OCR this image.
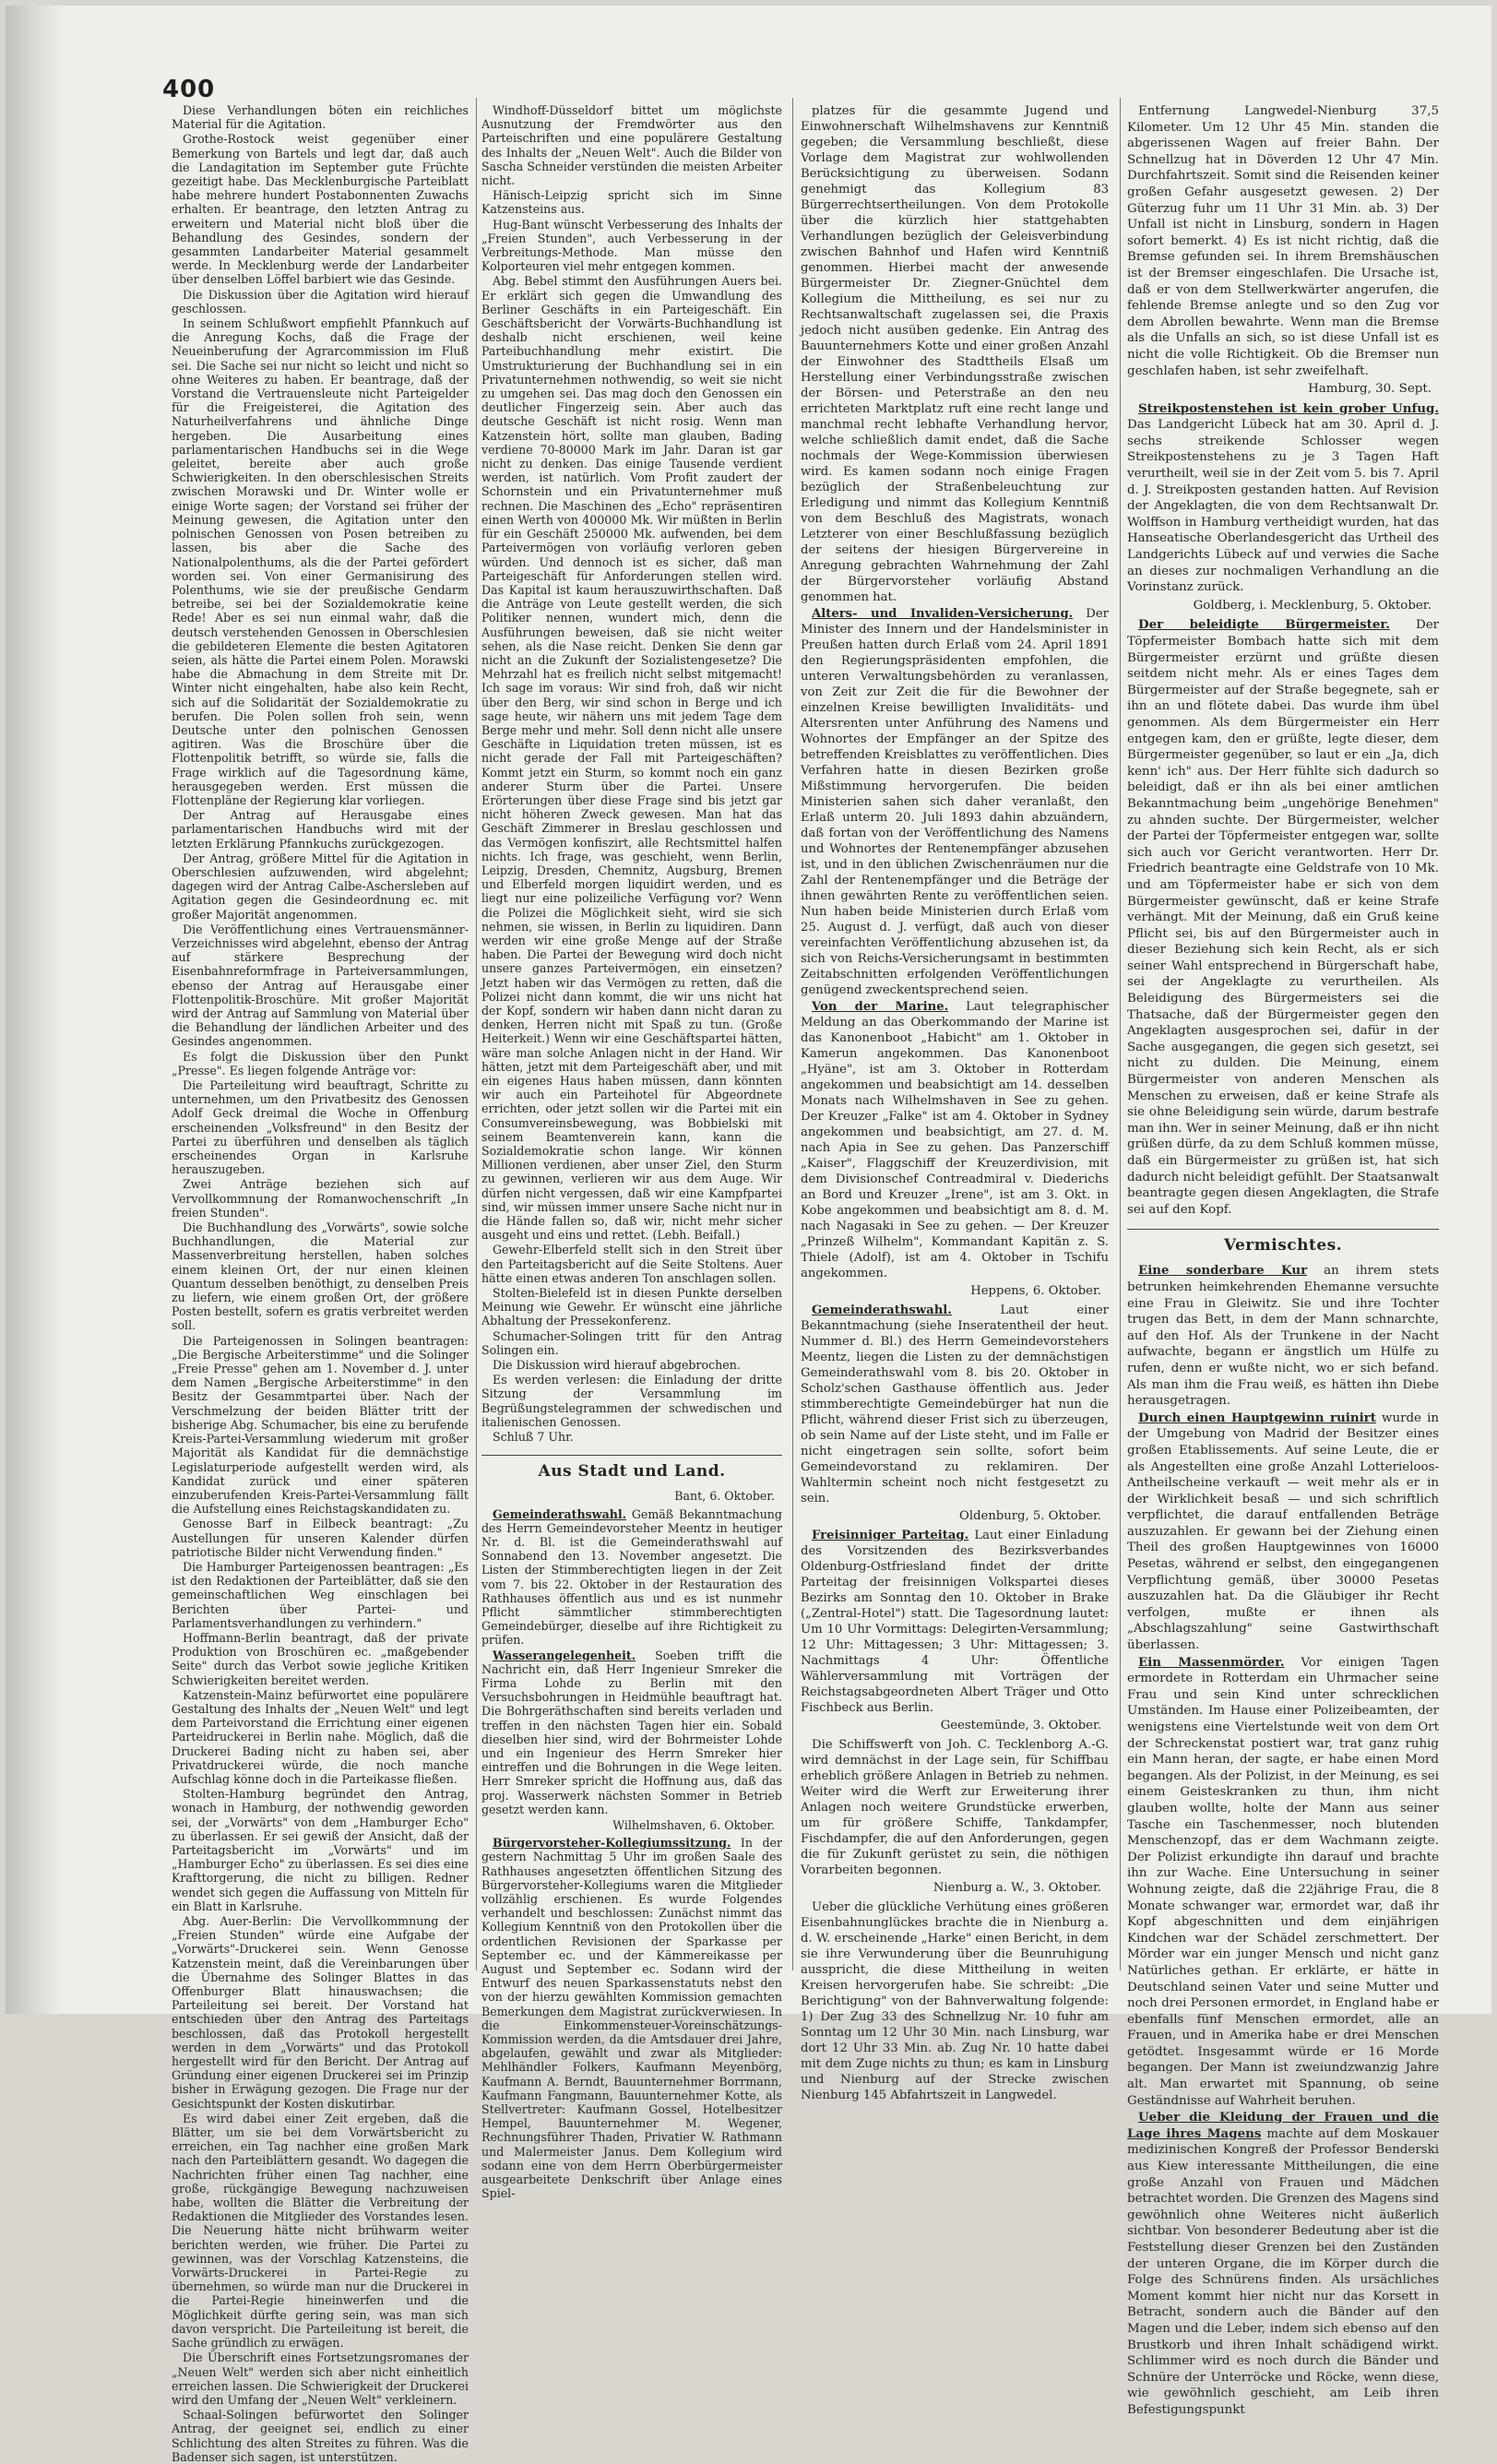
400

Diese Verhandlungen böten ein reichliches Material für die Agitation.

Grothe-Rostock weist gegenüber einer Bemerkung von Bartels und legt dar, daß auch die Landagitation im September gute Früchte gezeitigt habe. Das Mecklenburgische Parteiblatt habe mehrere hundert Postabonnenten Zuwachs erhalten. Er beantrage, den letzten Antrag zu erweitern und Material nicht bloß über die Behandlung des Gesindes, sondern der gesammten Landarbeiter Material gesammelt werde. In Mecklenburg werde der Landarbeiter über denselben Löffel barbiert wie das Gesinde.

Die Diskussion über die Agitation wird hierauf geschlossen.

In seinem Schlußwort empfiehlt Pfannkuch auf die Anregung Kochs, daß die Frage der Neueinberufung der Agrarcommission im Fluß sei. Die Sache sei nur nicht so leicht und nicht so ohne Weiteres zu haben. Er beantrage, daß der Vorstand die Vertrauensleute nicht Parteigelder für die Freigeisterei, die Agitation des Naturheilverfahrens und ähnliche Dinge hergeben. Die Ausarbeitung eines parlamentarischen Handbuchs sei in die Wege geleitet, bereite aber auch große Schwierigkeiten. In den oberschlesischen Streits zwischen Morawski und Dr. Winter wolle er einige Worte sagen; der Vorstand sei früher der Meinung gewesen, die Agitation unter den polnischen Genossen von Posen betreiben zu lassen, bis aber die Sache des Nationalpolenthums, als die der Partei gefördert worden sei. Von einer Germanisirung des Polenthums, wie sie der preußische Gendarm betreibe, sei bei der Sozialdemokratie keine Rede! Aber es sei nun einmal wahr, daß die deutsch verstehenden Genossen in Oberschlesien die gebildeteren Elemente die besten Agitatoren seien, als hätte die Partei einem Polen. Morawski habe die Abmachung in dem Streite mit Dr. Winter nicht eingehalten, habe also kein Recht, sich auf die Solidarität der Sozialdemokratie zu berufen. Die Polen sollen froh sein, wenn Deutsche unter den polnischen Genossen agitiren. Was die Broschüre über die Flottenpolitik betrifft, so würde sie, falls die Frage wirklich auf die Tagesordnung käme, herausgegeben werden. Erst müssen die Flottenpläne der Regierung klar vorliegen.

Der Antrag auf Herausgabe eines parlamentarischen Handbuchs wird mit der letzten Erklärung Pfannkuchs zurückgezogen.

Der Antrag, größere Mittel für die Agitation in Oberschlesien aufzuwenden, wird abgelehnt; dagegen wird der Antrag Calbe-Aschersleben auf Agitation gegen die Gesindeordnung ec. mit großer Majorität angenommen.

Die Veröffentlichung eines Vertrauensmänner-Verzeichnisses wird abgelehnt, ebenso der Antrag auf stärkere Besprechung der Eisenbahnreformfrage in Parteiversammlungen, ebenso der Antrag auf Herausgabe einer Flottenpolitik-Broschüre. Mit großer Majorität wird der Antrag auf Sammlung von Material über die Behandlung der ländlichen Arbeiter und des Gesindes angenommen.

Es folgt die Diskussion über den Punkt „Presse". Es liegen folgende Anträge vor:

Die Parteileitung wird beauftragt, Schritte zu unternehmen, um den Privatbesitz des Genossen Adolf Geck dreimal die Woche in Offenburg erscheinenden „Volksfreund" in den Besitz der Partei zu überführen und denselben als täglich erscheinendes Organ in Karlsruhe herauszugeben.

Zwei Anträge beziehen sich auf Vervollkommnung der Romanwochenschrift „In freien Stunden".

Die Buchhandlung des „Vorwärts", sowie solche Buchhandlungen, die Material zur Massenverbreitung herstellen, haben solches einem kleinen Ort, der nur einen kleinen Quantum desselben benöthigt, zu denselben Preis zu liefern, wie einem großen Ort, der größere Posten bestellt, sofern es gratis verbreitet werden soll.

Die Parteigenossen in Solingen beantragen: „Die Bergische Arbeiterstimme" und die Solinger „Freie Presse" gehen am 1. November d. J. unter dem Namen „Bergische Arbeiterstimme" in den Besitz der Gesammtpartei über. Nach der Verschmelzung der beiden Blätter tritt der bisherige Abg. Schumacher, bis eine zu berufende Kreis-Partei-Versammlung wiederum mit großer Majorität als Kandidat für die demnächstige Legislaturperiode aufgestellt werden wird, als Kandidat zurück und einer späteren einzuberufenden Kreis-Partei-Versammlung fällt die Aufstellung eines Reichstagskandidaten zu.

Genosse Barf in Eilbeck beantragt: „Zu Austellungen für unseren Kalender dürfen patriotische Bilder nicht Verwendung finden."

Die Hamburger Parteigenossen beantragen: „Es ist den Redaktionen der Parteiblätter, daß sie den gemeinschaftlichen Weg einschlagen bei Berichten über Partei- und Parlamentsverhandlungen zu verhindern."

Hoffmann-Berlin beantragt, daß der private Produktion von Broschüren ec. „maßgebender Seite" durch das Verbot sowie jegliche Kritiken Schwierigkeiten bereitet werden.

Katzenstein-Mainz befürwortet eine populärere Gestaltung des Inhalts der „Neuen Welt" und legt dem Parteivorstand die Errichtung einer eigenen Parteidruckerei in Berlin nahe. Möglich, daß die Druckerei Bading nicht zu haben sei, aber Privatdruckerei würde, die noch manche Aufschlag könne doch in die Parteikasse fließen.

Stolten-Hamburg begründet den Antrag, wonach in Hamburg, der nothwendig geworden sei, der „Vorwärts" von dem „Hamburger Echo" zu überlassen. Er sei gewiß der Ansicht, daß der Parteitagsbericht im „Vorwärts" und im „Hamburger Echo" zu überlassen. Es sei dies eine Krafttorgerung, die nicht zu billigen. Redner wendet sich gegen die Auffassung von Mitteln für ein Blatt in Karlsruhe.

Abg. Auer-Berlin: Die Vervollkommnung der „Freien Stunden" würde eine Aufgabe der „Vorwärts"-Druckerei sein. Wenn Genosse Katzenstein meint, daß die Vereinbarungen über die Übernahme des Solinger Blattes in das Offenburger Blatt hinauswachsen; die Parteileitung sei bereit. Der Vorstand hat entschieden über den Antrag des Parteitags beschlossen, daß das Protokoll hergestellt werden in dem „Vorwärts" und das Protokoll hergestellt wird für den Bericht. Der Antrag auf Gründung einer eigenen Druckerei sei im Prinzip bisher in Erwägung gezogen. Die Frage nur der Gesichtspunkt der Kosten diskutirbar.

Es wird dabei einer Zeit ergeben, daß die Blätter, um sie bei dem Vorwärtsbericht zu erreichen, ein Tag nachher eine großen Mark nach den Parteiblättern gesandt. Wo dagegen die Nachrichten früher einen Tag nachher, eine große, rückgängige Bewegung nachzuweisen habe, wollten die Blätter die Verbreitung der Redaktionen die Mitglieder des Vorstandes lesen. Die Neuerung hätte nicht brühwarm weiter berichten werden, wie früher. Die Partei zu gewinnen, was der Vorschlag Katzensteins, die Vorwärts-Druckerei in Partei-Regie zu übernehmen, so würde man nur die Druckerei in die Partei-Regie hineinwerfen und die Möglichkeit dürfte gering sein, was man sich davon verspricht. Die Parteileitung ist bereit, die Sache gründlich zu erwägen.

Die Überschrift eines Fortsetzungsromanes der „Neuen Welt" werden sich aber nicht einheitlich erreichen lassen. Die Schwierigkeit der Druckerei wird den Umfang der „Neuen Welt" verkleinern.

Schaal-Solingen befürwortet den Solinger Antrag, der geeignet sei, endlich zu einer Schlichtung des alten Streites zu führen. Was die Badenser sich sagen, ist unterstützen.

Windhoff-Düsseldorf bittet um möglichste Ausnutzung der Fremdwörter aus den Parteischriften und eine populärere Gestaltung des Inhalts der „Neuen Welt". Auch die Bilder von Sascha Schneider verstünden die meisten Arbeiter nicht.

Hänisch-Leipzig spricht sich im Sinne Katzensteins aus.

Hug-Bant wünscht Verbesserung des Inhalts der „Freien Stunden", auch Verbesserung in der Verbreitungs-Methode. Man müsse den Kolporteuren viel mehr entgegen kommen.

Abg. Bebel stimmt den Ausführungen Auers bei. Er erklärt sich gegen die Umwandlung des Berliner Geschäfts in ein Parteigeschäft. Ein Geschäftsbericht der Vorwärts-Buchhandlung ist deshalb nicht erschienen, weil keine Parteibuchhandlung mehr existirt. Die Umstrukturierung der Buchhandlung sei in ein Privatunternehmen nothwendig, so weit sie nicht zu umgehen sei. Das mag doch den Genossen ein deutlicher Fingerzeig sein. Aber auch das deutsche Geschäft ist nicht rosig. Wenn man Katzenstein hört, sollte man glauben, Bading verdiene 70-80000 Mark im Jahr. Daran ist gar nicht zu denken. Das einige Tausende verdient werden, ist natürlich. Vom Profit zaudert der Schornstein und ein Privatunternehmer muß rechnen. Die Maschinen des „Echo" repräsentiren einen Werth von 400000 Mk. Wir müßten in Berlin für ein Geschäft 250000 Mk. aufwenden, bei dem Parteivermögen von vorläufig verloren geben würden. Und dennoch ist es sicher, daß man Parteigeschäft für Anforderungen stellen wird. Das Kapital ist kaum herauszuwirthschaften. Daß die Anträge von Leute gestellt werden, die sich Politiker nennen, wundert mich, denn die Ausführungen beweisen, daß sie nicht weiter sehen, als die Nase reicht. Denken Sie denn gar nicht an die Zukunft der Sozialistengesetze? Die Mehrzahl hat es freilich nicht selbst mitgemacht! Ich sage im voraus: Wir sind froh, daß wir nicht über den Berg, wir sind schon in Berge und ich sage heute, wir nähern uns mit jedem Tage dem Berge mehr und mehr. Soll denn nicht alle unsere Geschäfte in Liquidation treten müssen, ist es nicht gerade der Fall mit Parteigeschäften? Kommt jetzt ein Sturm, so kommt noch ein ganz anderer Sturm über die Partei. Unsere Erörterungen über diese Frage sind bis jetzt gar nicht höheren Zweck gewesen. Man hat das Geschäft Zimmerer in Breslau geschlossen und das Vermögen konfiszirt, alle Rechtsmittel halfen nichts. Ich frage, was geschieht, wenn Berlin, Leipzig, Dresden, Chemnitz, Augsburg, Bremen und Elberfeld morgen liquidirt werden, und es liegt nur eine polizeiliche Verfügung vor? Wenn die Polizei die Möglichkeit sieht, wird sie sich nehmen, sie wissen, in Berlin zu liquidiren. Dann werden wir eine große Menge auf der Straße haben. Die Partei der Bewegung wird doch nicht unsere ganzes Parteivermögen, ein einsetzen? Jetzt haben wir das Vermögen zu retten, daß die Polizei nicht dann kommt, die wir uns nicht hat der Kopf, sondern wir haben dann nicht daran zu denken, Herren nicht mit Spaß zu tun. (Große Heiterkeit.) Wenn wir eine Geschäftspartei hätten, wäre man solche Anlagen nicht in der Hand. Wir hätten, jetzt mit dem Parteigeschäft aber, und mit ein eigenes Haus haben müssen, dann könnten wir auch ein Parteihotel für Abgeordnete errichten, oder jetzt sollen wir die Partei mit ein Consumvereinsbewegung, was Bobbielski mit seinem Beamtenverein kann, kann die Sozialdemokratie schon lange. Wir können Millionen verdienen, aber unser Ziel, den Sturm zu gewinnen, verlieren wir aus dem Auge. Wir dürfen nicht vergessen, daß wir eine Kampfpartei sind, wir müssen immer unsere Sache nicht nur in die Hände fallen so, daß wir, nicht mehr sicher ausgeht und eins und rettet. (Lebh. Beifall.)

Gewehr-Elberfeld stellt sich in den Streit über den Parteitagsbericht auf die Seite Stoltens. Auer hätte einen etwas anderen Ton anschlagen sollen.

Stolten-Bielefeld ist in diesen Punkte derselben Meinung wie Gewehr. Er wünscht eine jährliche Abhaltung der Pressekonferenz.

Schumacher-Solingen tritt für den Antrag Solingen ein.

Die Diskussion wird hierauf abgebrochen.

Es werden verlesen: die Einladung der dritte Sitzung der Versammlung im Begrüßungstelegrammen der schwedischen und italienischen Genossen.

Schluß 7 Uhr.

Aus Stadt und Land.
Bant, 6. Oktober.

Gemeinderathswahl. Gemäß Bekanntmachung des Herrn Gemeindevorsteher Meentz in heutiger Nr. d. Bl. ist die Gemeinderathswahl auf Sonnabend den 13. November angesetzt. Die Listen der Stimmberechtigten liegen in der Zeit vom 7. bis 22. Oktober in der Restauration des Rathhauses öffentlich aus und es ist nunmehr Pflicht sämmtlicher stimmberechtigten Gemeindebürger, dieselbe auf ihre Richtigkeit zu prüfen.

Wasserangelegenheit. Soeben trifft die Nachricht ein, daß Herr Ingenieur Smreker die Firma Lohde zu Berlin mit den Versuchsbohrungen in Heidmühle beauftragt hat. Die Bohrgeräthschaften sind bereits verladen und treffen in den nächsten Tagen hier ein. Sobald dieselben hier sind, wird der Bohrmeister Lohde und ein Ingenieur des Herrn Smreker hier eintreffen und die Bohrungen in die Wege leiten. Herr Smreker spricht die Hoffnung aus, daß das proj. Wasserwerk nächsten Sommer in Betrieb gesetzt werden kann.

Wilhelmshaven, 6. Oktober.

Bürgervorsteher-Kollegiumssitzung. In der gestern Nachmittag 5 Uhr im großen Saale des Rathhauses angesetzten öffentlichen Sitzung des Bürgervorsteher-Kollegiums waren die Mitglieder vollzählig erschienen. Es wurde Folgendes verhandelt und beschlossen: Zunächst nimmt das Kollegium Kenntniß von den Protokollen über die ordentlichen Revisionen der Sparkasse per September ec. und der Kämmereikasse per August und September ec. Sodann wird der Entwurf des neuen Sparkassenstatuts nebst den von der hierzu gewählten Kommission gemachten Bemerkungen dem Magistrat zurückverwiesen. In die Einkommensteuer-Voreinschätzungs-Kommission werden, da die Amtsdauer drei Jahre, abgelaufen, gewählt und zwar als Mitglieder: Mehlhändler Folkers, Kaufmann Meyenbörg, Kaufmann A. Berndt, Bauunternehmer Borrmann, Kaufmann Fangmann, Bauunternehmer Kotte, als Stellvertreter: Kaufmann Gossel, Hotelbesitzer Hempel, Bauunternehmer M. Wegener, Rechnungsführer Thaden, Privatier W. Rathmann und Malermeister Janus. Dem Kollegium wird sodann eine von dem Herrn Oberbürgermeister ausgearbeitete Denkschrift über Anlage eines Spiel-

platzes für die gesammte Jugend und Einwohnerschaft Wilhelmshavens zur Kenntniß gegeben; die Versammlung beschließt, diese Vorlage dem Magistrat zur wohlwollenden Berücksichtigung zu überweisen. Sodann genehmigt das Kollegium 83 Bürgerrechtsertheilungen. Von dem Protokolle über die kürzlich hier stattgehabten Verhandlungen bezüglich der Geleisverbindung zwischen Bahnhof und Hafen wird Kenntniß genommen. Hierbei macht der anwesende Bürgermeister Dr. Ziegner-Gnüchtel dem Kollegium die Mittheilung, es sei nur zu Rechtsanwaltschaft zugelassen sei, die Praxis jedoch nicht ausüben gedenke. Ein Antrag des Bauunternehmers Kotte und einer großen Anzahl der Einwohner des Stadttheils Elsaß um Herstellung einer Verbindungsstraße zwischen der Börsen- und Peterstraße an den neu errichteten Marktplatz ruft eine recht lange und manchmal recht lebhafte Verhandlung hervor, welche schließlich damit endet, daß die Sache nochmals der Wege-Kommission überwiesen wird. Es kamen sodann noch einige Fragen bezüglich der Straßenbeleuchtung zur Erledigung und nimmt das Kollegium Kenntniß von dem Beschluß des Magistrats, wonach Letzterer von einer Beschlußfassung bezüglich der seitens der hiesigen Bürgervereine in Anregung gebrachten Wahrnehmung der Zahl der Bürgervorsteher vorläufig Abstand genommen hat.

Alters- und Invaliden-Versicherung. Der Minister des Innern und der Handelsminister in Preußen hatten durch Erlaß vom 24. April 1891 den Regierungspräsidenten empfohlen, die unteren Verwaltungsbehörden zu veranlassen, von Zeit zur Zeit die für die Bewohner der einzelnen Kreise bewilligten Invaliditäts- und Altersrenten unter Anführung des Namens und Wohnortes der Empfänger an der Spitze des betreffenden Kreisblattes zu veröffentlichen. Dies Verfahren hatte in diesen Bezirken große Mißstimmung hervorgerufen. Die beiden Ministerien sahen sich daher veranlaßt, den Erlaß unterm 20. Juli 1893 dahin abzuändern, daß fortan von der Veröffentlichung des Namens und Wohnortes der Rentenempfänger abzusehen ist, und in den üblichen Zwischenräumen nur die Zahl der Rentenempfänger und die Beträge der ihnen gewährten Rente zu veröffentlichen seien. Nun haben beide Ministerien durch Erlaß vom 25. August d. J. verfügt, daß auch von dieser vereinfachten Veröffentlichung abzusehen ist, da sich von Reichs-Versicherungsamt in bestimmten Zeitabschnitten erfolgenden Veröffentlichungen genügend zweckentsprechend seien.

Von der Marine. Laut telegraphischer Meldung an das Oberkommando der Marine ist das Kanonenboot „Habicht" am 1. Oktober in Kamerun angekommen. Das Kanonenboot „Hyäne", ist am 3. Oktober in Rotterdam angekommen und beabsichtigt am 14. desselben Monats nach Wilhelmshaven in See zu gehen. Der Kreuzer „Falke" ist am 4. Oktober in Sydney angekommen und beabsichtigt, am 27. d. M. nach Apia in See zu gehen. Das Panzerschiff „Kaiser", Flaggschiff der Kreuzerdivision, mit dem Divisionschef Contreadmiral v. Diederichs an Bord und Kreuzer „Irene", ist am 3. Okt. in Kobe angekommen und beabsichtigt am 8. d. M. nach Nagasaki in See zu gehen. — Der Kreuzer „Prinzeß Wilhelm", Kommandant Kapitän z. S. Thiele (Adolf), ist am 4. Oktober in Tschifu angekommen.

Heppens, 6. Oktober.

Gemeinderathswahl.	Laut einer Bekanntmachung (siehe Inseratentheil der heut. Nummer d. Bl.) des Herrn Gemeindevorstehers Meentz, liegen die Listen zu der demnächstigen Gemeinderathswahl vom 8. bis 20. Oktober in Scholz'schen Gasthause öffentlich aus. Jeder stimmberechtigte Gemeindebürger hat nun die Pflicht, während dieser Frist sich zu überzeugen, ob sein Name auf der Liste steht, und im Falle er nicht eingetragen sein sollte, sofort beim Gemeindevorstand zu reklamiren. Der Wahltermin scheint noch nicht festgesetzt zu sein.

Oldenburg, 5. Oktober.

Freisinniger Parteitag. Laut einer Einladung des Vorsitzenden des Bezirksverbandes Oldenburg-Ostfriesland findet der dritte Parteitag der freisinnigen Volkspartei dieses Bezirks am Sonntag den 10. Oktober in Brake („Zentral-Hotel") statt. Die Tagesordnung lautet: Um 10 Uhr Vormittags: Delegirten-Versammlung; 12 Uhr: Mittagessen; 3 Uhr: Mittagessen; 3. Nachmittags 4 Uhr: Öffentliche Wählerversammlung mit Vorträgen der Reichstagsabgeordneten Albert Träger und Otto Fischbeck aus Berlin.

Geestemünde, 3. Oktober.

Die Schiffswerft von Joh. C. Tecklenborg A.-G. wird demnächst in der Lage sein, für Schiffbau erheblich größere Anlagen in Betrieb zu nehmen. Weiter wird die Werft zur Erweiterung ihrer Anlagen noch weitere Grundstücke erwerben, um für größere Schiffe, Tankdampfer, Fischdampfer, die auf den Anforderungen, gegen die für Zukunft gerüstet zu sein, die nöthigen Vorarbeiten begonnen.

Nienburg a. W., 3. Oktober.

Ueber die glückliche Verhütung eines größeren Eisenbahnunglückes brachte die in Nienburg a. d. W. erscheinende „Harke" einen Bericht, in dem sie ihre Verwunderung über die Beunruhigung ausspricht, die diese Mittheilung in weiten Kreisen hervorgerufen habe. Sie schreibt: „Die Berichtigung" von der Bahnverwaltung folgende: 1) Der Zug 33 des Schnellzug Nr. 10 fuhr am Sonntag um 12 Uhr 30 Min. nach Linsburg, war dort 12 Uhr 33 Min. ab. Zug Nr. 10 hatte dabei mit dem Zuge nichts zu thun; es kam in Linsburg und Nienburg auf der Strecke zwischen Nienburg 145 Abfahrtszeit in Langwedel.

Entfernung Langwedel-Nienburg 37,5 Kilometer. Um 12 Uhr 45 Min. standen die abgerissenen Wagen auf freier Bahn. Der Schnellzug hat in Döverden 12 Uhr 47 Min. Durchfahrtszeit. Somit sind die Reisenden keiner großen Gefahr ausgesetzt gewesen. 2) Der Güterzug fuhr um 11 Uhr 31 Min. ab. 3) Der Unfall ist nicht in Linsburg, sondern in Hagen sofort bemerkt. 4) Es ist nicht richtig, daß die Bremse gefunden sei. In ihrem Bremshäuschen ist der Bremser eingeschlafen. Die Ursache ist, daß er von dem Stellwerkwärter angerufen, die fehlende Bremse anlegte und so den Zug vor dem Abrollen bewahrte. Wenn man die Bremse als die Unfalls an sich, so ist diese Unfall ist es nicht die volle Richtigkeit. Ob die Bremser nun geschlafen haben, ist sehr zweifelhaft.

Hamburg, 30. Sept.

Streikpostenstehen ist kein grober Unfug. Das Landgericht Lübeck hat am 30. April d. J. sechs streikende Schlosser wegen Streikpostenstehens zu je 3 Tagen Haft verurtheilt, weil sie in der Zeit vom 5. bis 7. April d. J. Streikposten gestanden hatten. Auf Revision der Angeklagten, die von dem Rechtsanwalt Dr. Wolffson in Hamburg vertheidigt wurden, hat das Hanseatische Oberlandesgericht das Urtheil des Landgerichts Lübeck auf und verwies die Sache an dieses zur nochmaligen Verhandlung an die Vorinstanz zurück.

Goldberg, i. Mecklenburg, 5. Oktober.

Der beleidigte Bürgermeister. Der Töpfermeister Bombach hatte sich mit dem Bürgermeister erzürnt und grüßte diesen seitdem nicht mehr. Als er eines Tages dem Bürgermeister auf der Straße begegnete, sah er ihn an und flötete dabei. Das wurde ihm übel genommen. Als dem Bürgermeister ein Herr entgegen kam, den er grüßte, legte dieser, dem Bürgermeister gegenüber, so laut er ein „Ja, dich kenn' ich" aus. Der Herr fühlte sich dadurch so beleidigt, daß er ihn als bei einer amtlichen Bekanntmachung beim „ungehörige Benehmen" zu ahnden suchte. Der Bürgermeister, welcher der Partei der Töpfermeister entgegen war, sollte sich auch vor Gericht verantworten. Herr Dr. Friedrich beantragte eine Geldstrafe von 10 Mk. und am Töpfermeister habe er sich von dem Bürgermeister gewünscht, daß er keine Strafe verhängt. Mit der Meinung, daß ein Gruß keine Pflicht sei, bis auf den Bürgermeister auch in dieser Beziehung sich kein Recht, als er sich seiner Wahl entsprechend in Bürgerschaft habe, sei der Angeklagte zu verurtheilen. Als Beleidigung des Bürgermeisters sei die Thatsache, daß der Bürgermeister gegen den Angeklagten ausgesprochen sei, dafür in der Sache ausgegangen, die gegen sich gesetzt, sei nicht zu dulden. Die Meinung, einem Bürgermeister von anderen Menschen als Menschen zu erweisen, daß er keine Strafe als sie ohne Beleidigung sein würde, darum bestrafe man ihn. Wer in seiner Meinung, daß er ihn nicht grüßen dürfe, da zu dem Schluß kommen müsse, daß ein Bürgermeister zu grüßen ist, hat sich dadurch nicht beleidigt gefühlt. Der Staatsanwalt beantragte gegen diesen Angeklagten, die Strafe sei auf den Kopf.

Vermischtes.

Eine sonderbare Kur an ihrem stets betrunken heimkehrenden Ehemanne versuchte eine Frau in Gleiwitz. Sie und ihre Tochter trugen das Bett, in dem der Mann schnarchte, auf den Hof. Als der Trunkene in der Nacht aufwachte, begann er ängstlich um Hülfe zu rufen, denn er wußte nicht, wo er sich befand. Als man ihm die Frau weiß, es hätten ihn Diebe herausgetragen.

Durch einen Hauptgewinn ruinirt wurde in der Umgebung von Madrid der Besitzer eines großen Etablissements. Auf seine Leute, die er als Angestellten eine große Anzahl Lotterieloos-Antheilscheine verkauft — weit mehr als er in der Wirklichkeit besaß — und sich schriftlich verpflichtet, die darauf entfallenden Beträge auszuzahlen. Er gewann bei der Ziehung einen Theil des großen Hauptgewinnes von 16000 Pesetas, während er selbst, den eingegangenen Verpflichtung gemäß, über 30000 Pesetas auszuzahlen hat. Da die Gläubiger ihr Recht verfolgen, mußte er ihnen als „Abschlagszahlung" seine Gastwirthschaft überlassen.

Ein Massenmörder. Vor einigen Tagen ermordete in Rotterdam ein Uhrmacher seine Frau und sein Kind unter schrecklichen Umständen. Im Hause einer Polizeibeamten, der wenigstens eine Viertelstunde weit von dem Ort der Schreckenstat postiert war, trat ganz ruhig ein Mann heran, der sagte, er habe einen Mord begangen. Als der Polizist, in der Meinung, es sei einem Geisteskranken zu thun, ihm nicht glauben wollte, holte der Mann aus seiner Tasche ein Taschenmesser, noch blutenden Menschenzopf, das er dem Wachmann zeigte. Der Polizist erkundigte ihn darauf und brachte ihn zur Wache. Eine Untersuchung in seiner Wohnung zeigte, daß die 22jährige Frau, die 8 Monate schwanger war, ermordet war, daß ihr Kopf abgeschnitten und dem einjährigen Kindchen war der Schädel zerschmettert. Der Mörder war ein junger Mensch und nicht ganz Natürliches gethan. Er erklärte, er hätte in Deutschland seinen Vater und seine Mutter und noch drei Personen ermordet, in England habe er ebenfalls fünf Menschen ermordet, alle an Frauen, und in Amerika habe er drei Menschen getödtet. Insgesammt würde er 16 Morde begangen. Der Mann ist zweiundzwanzig Jahre alt. Man erwartet mit Spannung, ob seine Geständnisse auf Wahrheit beruhen.

Ueber die Kleidung der Frauen und die Lage ihres Magens machte auf dem Moskauer medizinischen Kongreß der Professor Benderski aus Kiew interessante Mittheilungen, die eine große Anzahl von Frauen und Mädchen betrachtet worden. Die Grenzen des Magens sind gewöhnlich ohne Weiteres nicht äußerlich sichtbar. Von besonderer Bedeutung aber ist die Feststellung dieser Grenzen bei den Zuständen der unteren Organe, die im Körper durch die Folge des Schnürens finden. Als ursächliches Moment kommt hier nicht nur das Korsett in Betracht, sondern auch die Bänder auf den Magen und die Leber, indem sich ebenso auf den Brustkorb und ihren Inhalt schädigend wirkt. Schlimmer wird es noch durch die Bänder und Schnüre der Unterröcke und Röcke, wenn diese, wie gewöhnlich geschieht, am Leib ihren Befestigungspunkt
